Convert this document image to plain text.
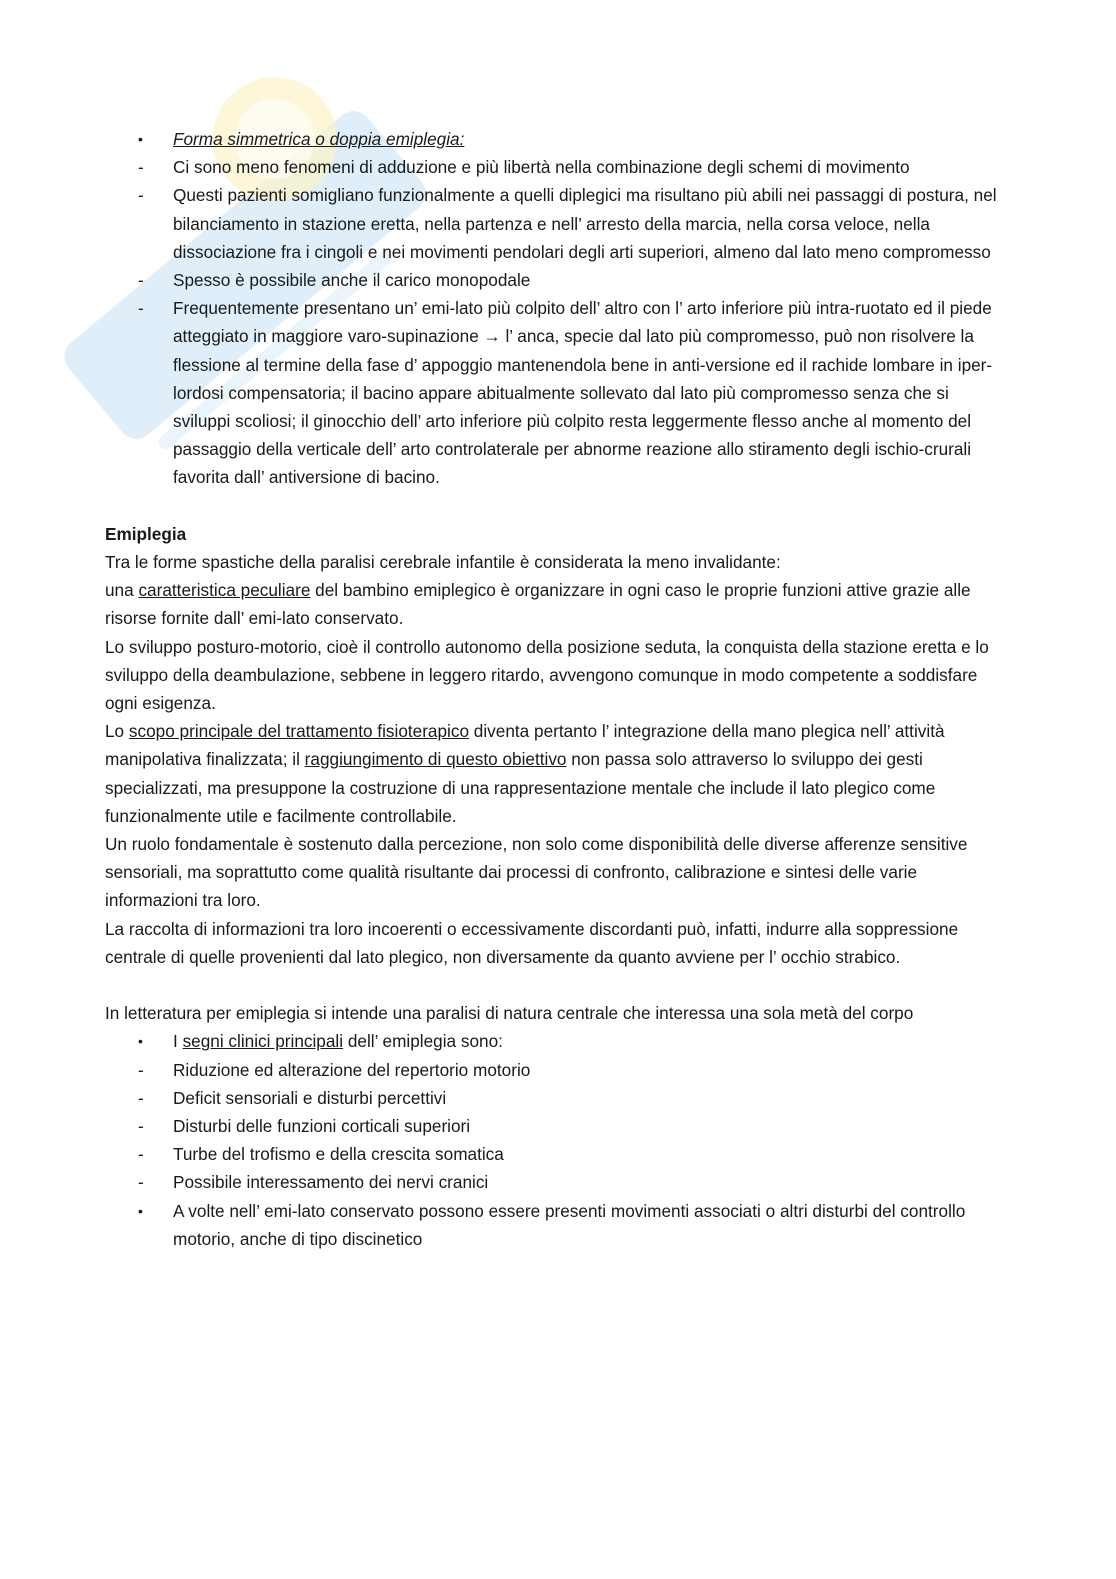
•	Forma simmetrica o doppia emiplegia:
-	Ci sono meno fenomeni di adduzione e più libertà nella combinazione degli schemi di movimento
-	Questi pazienti somigliano funzionalmente a quelli diplegici ma risultano più abili nei passaggi di postura, nel bilanciamento in stazione eretta, nella partenza e nell’ arresto della marcia, nella corsa veloce, nella dissociazione fra i cingoli e nei movimenti pendolari degli arti superiori, almeno dal lato meno compromesso
-	Spesso è possibile anche il carico monopodale
-	Frequentemente presentano un’ emi-lato più colpito dell’ altro con l’ arto inferiore più intra-ruotato ed il piede atteggiato in maggiore varo-supinazione → l’ anca, specie dal lato più compromesso, può non risolvere la flessione al termine della fase d’ appoggio mantenendola bene in anti-versione ed il rachide lombare in iper-lordosi compensatoria; il bacino appare abitualmente sollevato dal lato più compromesso senza che si sviluppi scoliosi; il ginocchio dell’ arto inferiore più colpito resta leggermente flesso anche al momento del passaggio della verticale dell’ arto controlaterale per abnorme reazione allo stiramento degli ischio-crurali favorita dall’ antiversione di bacino.

Emiplegia

Tra le forme spastiche della paralisi cerebrale infantile è considerata la meno invalidante:

una caratteristica peculiare del bambino emiplegico è organizzare in ogni caso le proprie funzioni attive grazie alle risorse fornite dall’ emi-lato conservato.

Lo sviluppo posturo-motorio, cioè il controllo autonomo della posizione seduta, la conquista della stazione eretta e lo sviluppo della deambulazione, sebbene in leggero ritardo, avvengono comunque in modo competente a soddisfare ogni esigenza.

Lo scopo principale del trattamento fisioterapico diventa pertanto l’ integrazione della mano plegica nell’ attività manipolativa finalizzata; il raggiungimento di questo obiettivo non passa solo attraverso lo sviluppo dei gesti specializzati, ma presuppone la costruzione di una rappresentazione mentale che include il lato plegico come funzionalmente utile e facilmente controllabile.

Un ruolo fondamentale è sostenuto dalla percezione, non solo come disponibilità delle diverse afferenze sensitive sensoriali, ma soprattutto come qualità risultante dai processi di confronto, calibrazione e sintesi delle varie informazioni tra loro.

La raccolta di informazioni tra loro incoerenti o eccessivamente discordanti può, infatti, indurre alla soppressione centrale di quelle provenienti dal lato plegico, non diversamente da quanto avviene per l’ occhio strabico.

In letteratura per emiplegia si intende una paralisi di natura centrale che interessa una sola metà del corpo

•	I segni clinici principali dell’ emiplegia sono:
-	Riduzione ed alterazione del repertorio motorio
-	Deficit sensoriali e disturbi percettivi
-	Disturbi delle funzioni corticali superiori
-	Turbe del trofismo e della crescita somatica
-	Possibile interessamento dei nervi cranici
•	A volte nell’ emi-lato conservato possono essere presenti movimenti associati o altri disturbi del controllo motorio, anche di tipo discinetico
